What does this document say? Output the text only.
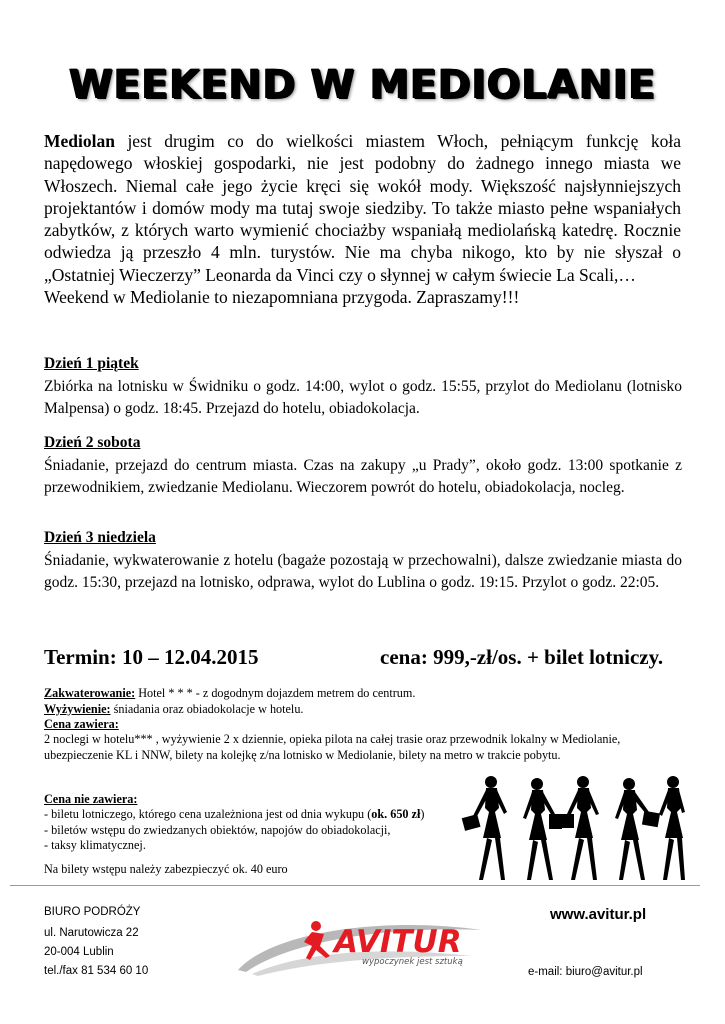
WEEKEND W MEDIOLANIE
Mediolan jest drugim co do wielkości miastem Włoch, pełniącym funkcję koła napędowego włoskiej gospodarki, nie jest podobny do żadnego innego miasta we Włoszech. Niemal całe jego życie kręci się wokół mody. Większość najsłynniejszych projektantów i domów mody ma tutaj swoje siedziby. To także miasto pełne wspaniałych zabytków, z których warto wymienić chociażby wspaniałą mediolańską katedrę. Rocznie odwiedza ją przeszło 4 mln. turystów. Nie ma chyba nikogo, kto by nie słyszał o „Ostatniej Wieczerzy” Leonarda da Vinci czy o słynnej w całym świecie La Scali,…
Weekend w Mediolanie to niezapomniana przygoda. Zapraszamy!!!
Dzień 1 piątek
Zbiórka na lotnisku w Świdniku o godz. 14:00, wylot o godz. 15:55, przylot do Mediolanu (lotnisko Malpensa) o godz. 18:45. Przejazd do hotelu, obiadokolacja.
Dzień 2 sobota
Śniadanie, przejazd do centrum miasta. Czas na zakupy „u Prady”, około godz. 13:00 spotkanie z przewodnikiem, zwiedzanie Mediolanu. Wieczorem powrót do hotelu, obiadokolacja, nocleg.
Dzień 3 niedziela
Śniadanie, wykwaterowanie z hotelu (bagaże pozostają w przechowalni), dalsze zwiedzanie miasta do godz. 15:30, przejazd na lotnisko, odprawa, wylot do Lublina o godz. 19:15. Przylot o godz. 22:05.
Termin: 10 – 12.04.2015	cena: 999,-zł/os. + bilet lotniczy.
Zakwaterowanie: Hotel * * * - z dogodnym dojazdem metrem do centrum.
Wyżywienie: śniadania oraz obiadokolacje w hotelu.
Cena zawiera:
2 noclegi w hotelu*** , wyżywienie 2 x dziennie, opieka pilota na całej trasie oraz przewodnik lokalny w Mediolanie, ubezpieczenie KL i NNW, bilety na kolejkę z/na lotnisko w Mediolanie, bilety na metro w trakcie pobytu.
Cena nie zawiera:
- biletu lotniczego, którego cena uzależniona jest od dnia wykupu (ok. 650 zł)
- biletów wstępu do zwiedzanych obiektów, napojów do obiadokolacji,
- taksy klimatycznej.
Na bilety wstępu należy zabezpieczyć ok. 40 euro
BIURO PODRÓŻY
ul. Narutowicza 22
20-004 Lublin
tel./fax 81 534 60 10
www.avitur.pl
e-mail: biuro@avitur.pl
AVITUR
wypoczynek jest sztuką
